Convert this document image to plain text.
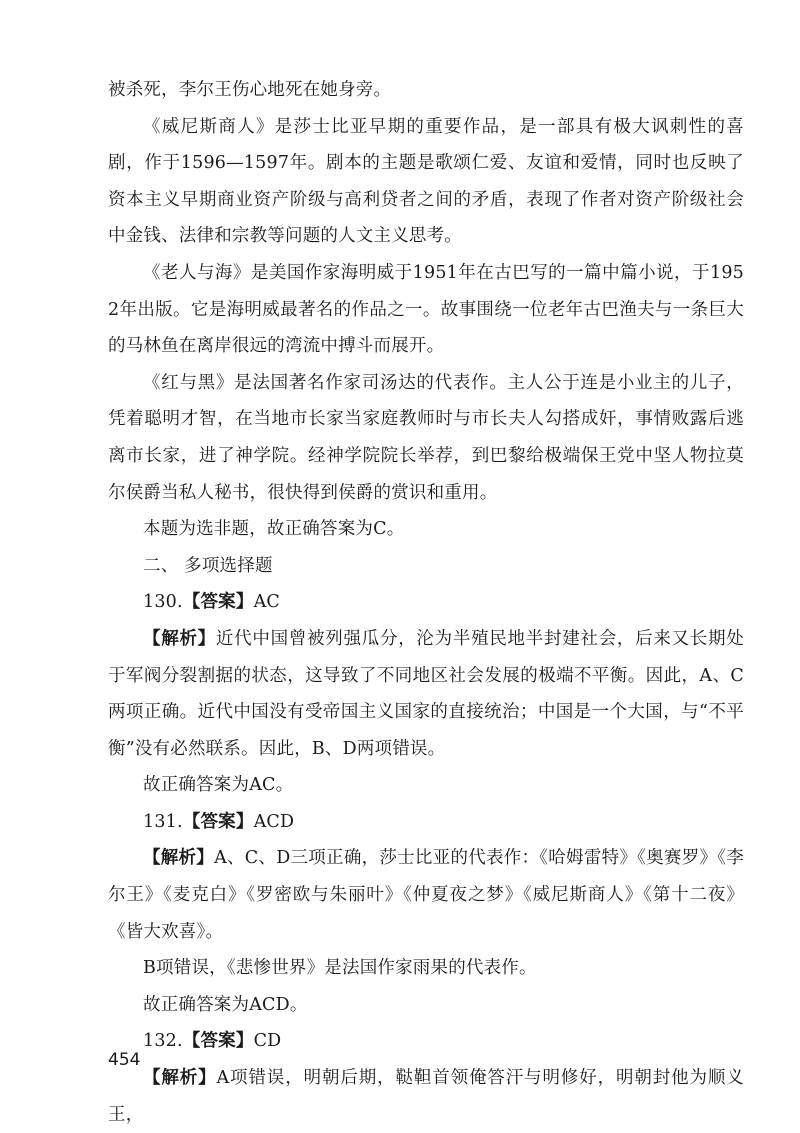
被杀死，李尔王伤心地死在她身旁。

《威尼斯商人》是莎士比亚早期的重要作品，是一部具有极大讽刺性的喜剧，作于1596—1597年。剧本的主题是歌颂仁爱、友谊和爱情，同时也反映了资本主义早期商业资产阶级与高利贷者之间的矛盾，表现了作者对资产阶级社会中金钱、法律和宗教等问题的人文主义思考。

《老人与海》是美国作家海明威于1951年在古巴写的一篇中篇小说，于1952年出版。它是海明威最著名的作品之一。故事围绕一位老年古巴渔夫与一条巨大的马林鱼在离岸很远的湾流中搏斗而展开。

《红与黑》是法国著名作家司汤达的代表作。主人公于连是小业主的儿子，凭着聪明才智，在当地市长家当家庭教师时与市长夫人勾搭成奸，事情败露后逃离市长家，进了神学院。经神学院院长举荐，到巴黎给极端保王党中坚人物拉莫尔侯爵当私人秘书，很快得到侯爵的赏识和重用。

本题为选非题，故正确答案为C。

二、 多项选择题

130.【答案】AC

【解析】近代中国曾被列强瓜分，沦为半殖民地半封建社会，后来又长期处于军阀分裂割据的状态，这导致了不同地区社会发展的极端不平衡。因此，A、C两项正确。近代中国没有受帝国主义国家的直接统治；中国是一个大国，与“不平衡”没有必然联系。因此，B、D两项错误。

故正确答案为AC。

131.【答案】ACD

【解析】A、C、D三项正确，莎士比亚的代表作：《哈姆雷特》《奥赛罗》《李尔王》《麦克白》《罗密欧与朱丽叶》《仲夏夜之梦》《威尼斯商人》《第十二夜》《皆大欢喜》。

B项错误，《悲惨世界》是法国作家雨果的代表作。

故正确答案为ACD。

132.【答案】CD

【解析】A项错误，明朝后期，鞑靼首领俺答汗与明修好，明朝封他为顺义王，

454
